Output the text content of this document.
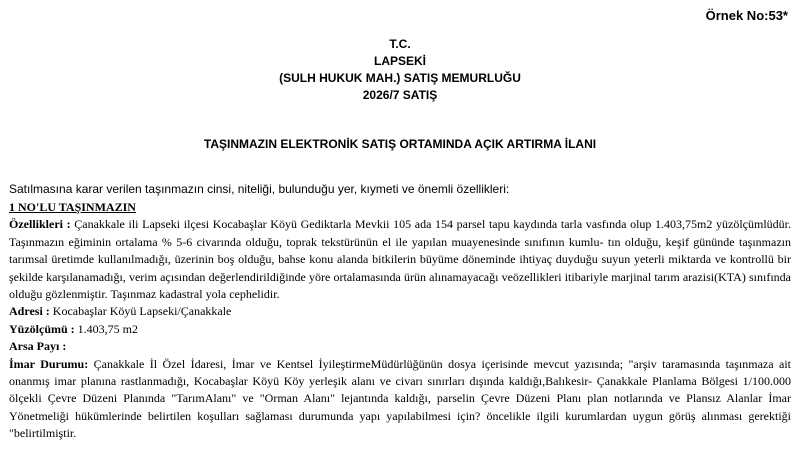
Örnek No:53*
T.C.
LAPSEKİ
(SULH HUKUK MAH.) SATIŞ MEMURLUĞU
2026/7 SATIŞ
TAŞINMAZIN ELEKTRONİK SATIŞ ORTAMINDA AÇIK ARTIRMA İLANI
Satılmasına karar verilen taşınmazın cinsi, niteliği, bulunduğu yer, kıymeti ve önemli özellikleri:

1 NO'LU TAŞINMAZIN

Özellikleri : Çanakkale ili Lapseki ilçesi Kocabaşlar Köyü Gediktarla Mevkii 105 ada 154 parsel tapu kaydında tarla vasfında olup 1.403,75m2 yüzölçümlüdür. Taşınmazın eğiminin ortalama % 5-6 civarında olduğu, toprak tekstürünün el ile yapılan muayenesinde sınıfının kumlu- tın olduğu, keşif gününde taşınmazın tarımsal üretimde kullanılmadığı, üzerinin boş olduğu, bahse konu alanda bitkilerin büyüme döneminde ihtiyaç duyduğu suyun yeterli miktarda ve kontrollü bir şekilde karşılanamadığı, verim açısından değerlendirildiğinde yöre ortalamasında ürün alınamayacağı veözellikleri itibariyle marjinal tarım arazisi(KTA) sınıfında olduğu gözlenmiştir. Taşınmaz kadastral yola cephelidir.

Adresi : Kocabaşlar Köyü Lapseki/Çanakkale

Yüzölçümü : 1.403,75 m2

Arsa Payı :

İmar Durumu: Çanakkale İl Özel İdaresi, İmar ve Kentsel İyileştirmeMüdürlüğünün dosya içerisinde mevcut yazısında; "arşiv taramasında taşınmaza ait onanmış imar planına rastlanmadığı, Kocabaşlar Köyü Köy yerleşik alanı ve civarı sınırları dışında kaldığı,Balıkesir- Çanakkale Planlama Bölgesi 1/100.000 ölçekli Çevre Düzeni Planında "TarımAlanı" ve "Orman Alanı" lejantında kaldığı, parselin Çevre Düzeni Planı plan notlarında ve Plansız Alanlar İmar Yönetmeliği hükümlerinde belirtilen koşulları sağlaması durumunda yapı yapılabilmesi için? öncelikle ilgili kurumlardan uygun görüş alınması gerektiği "belirtilmiştir.
